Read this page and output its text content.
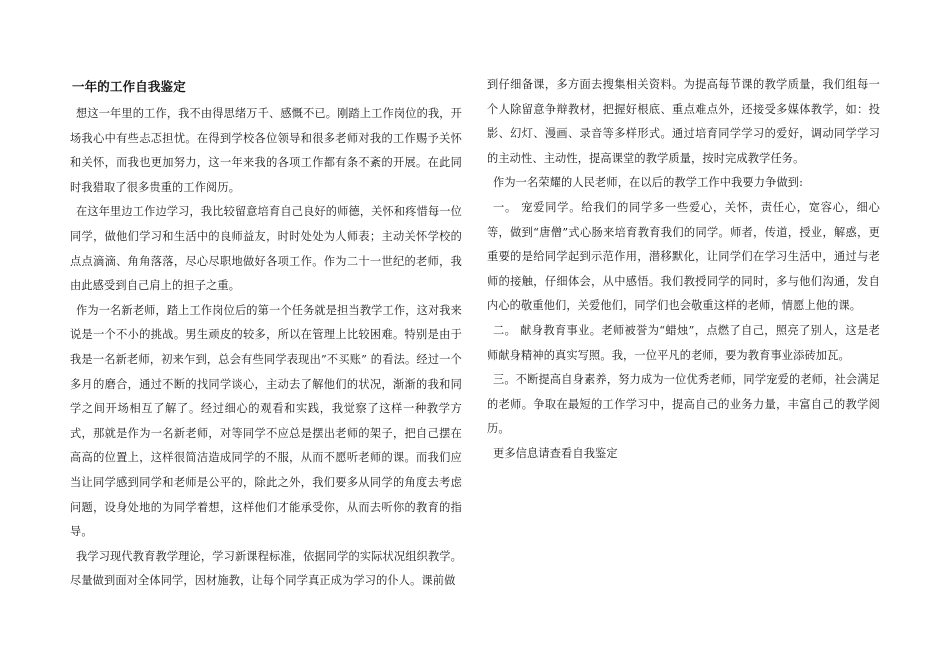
一年的工作自我鉴定

想这一年里的工作，我不由得思绪万千、感慨不已。刚踏上工作岗位的我，开场我心中有些忐忑担忧。在得到学校各位领导和很多老师对我的工作赐予关怀和关怀，而我也更加努力，这一年来我的各项工作都有条不紊的开展。在此同时我猎取了很多贵重的工作阅历。

在这年里边工作边学习，我比较留意培育自己良好的师德，关怀和疼惜每一位同学，做他们学习和生活中的良师益友，时时处处为人师表；主动关怀学校的点点滴滴、角角落落，尽心尽职地做好各项工作。作为二十一世纪的老师，我由此感受到自己肩上的担子之重。

作为一名新老师，踏上工作岗位后的第一个任务就是担当教学工作，这对我来说是一个不小的挑战。男生顽皮的较多，所以在管理上比较困难。特别是由于我是一名新老师，初来乍到，总会有些同学表现出”不买账” 的看法。经过一个多月的磨合，通过不断的找同学谈心，主动去了解他们的状况，渐渐的我和同学之间开场相互了解了。经过细心的观看和实践，我觉察了这样一种教学方式，那就是作为一名新老师，对等同学不应总是摆出老师的架子，把自己摆在高高的位置上，这样很简洁造成同学的不服，从而不愿听老师的课。而我们应当让同学感到同学和老师是公平的，除此之外，我们要多从同学的角度去考虑问题，设身处地的为同学着想，这样他们才能承受你，从而去听你的教育的指导。

我学习现代教育教学理论，学习新课程标准，依据同学的实际状况组织教学。尽量做到面对全体同学，因材施教，让每个同学真正成为学习的仆人。课前做

到仔细备课，多方面去搜集相关资料。为提高每节课的教学质量，我们组每一个人除留意争辩教材，把握好根底、重点难点外，还接受多媒体教学，如：投影、幻灯、漫画、录音等多样形式。通过培育同学学习的爱好，调动同学学习的主动性、主动性，提高课堂的教学质量，按时完成教学任务。

作为一名荣耀的人民老师，在以后的教学工作中我要力争做到:

一。 宠爱同学。给我们的同学多一些爱心，关怀，责任心，宽容心，细心等，做到“唐僧”式心肠来培育教育我们的同学。师者，传道，授业，解惑，更重要的是给同学起到示范作用，潜移默化，让同学们在学习生活中，通过与老师的接触，仔细体会，从中感悟。我们教授同学的同时，多与他们沟通，发自内心的敬重他们，关爱他们，同学们也会敬重这样的老师，情愿上他的课。

二。 献身教育事业。老师被誉为“蜡烛”，点燃了自己，照亮了别人，这是老师献身精神的真实写照。我，一位平凡的老师，要为教育事业添砖加瓦。

三。不断提高自身素养，努力成为一位优秀老师，同学宠爱的老师，社会满足的老师。争取在最短的工作学习中，提高自己的业务力量，丰富自己的教学阅历。

更多信息请查看自我鉴定
